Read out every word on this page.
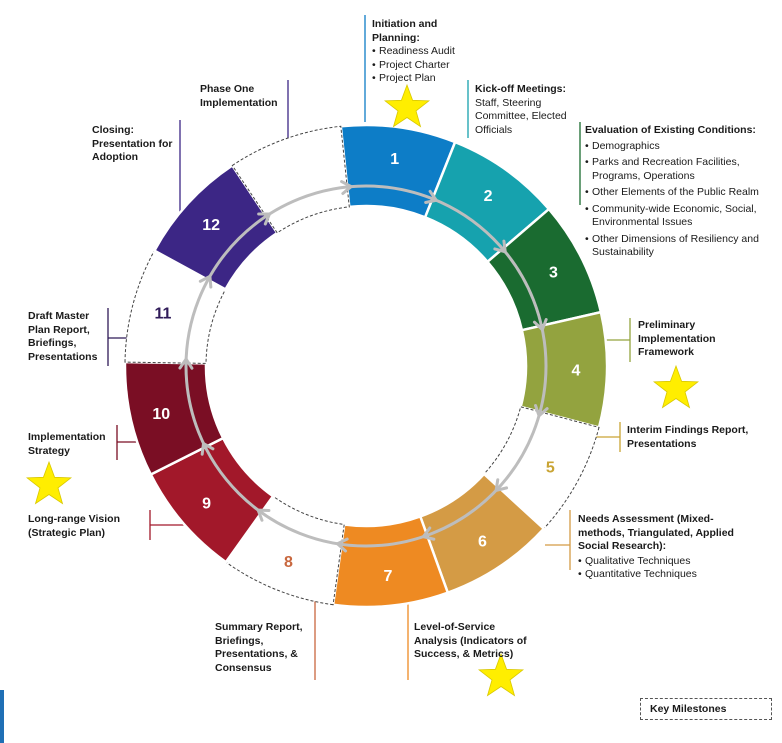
1
2
3
4
5
6
7
8
9
10
11
12
Initiation and Planning:
• Readiness Audit
• Project Charter
• Project Plan
Kick-off Meetings:
Staff, Steering Committee, Elected Officials	Evaluation of Existing Conditions:
• Demographics
• Parks and Recreation Facilities, Programs, Operations
• Other Elements of the Public Realm
• Community-wide Economic, Social, Environmental Issues
• Other Dimensions of Resiliency and Sustainability
Preliminary Implementation Framework
Interim Findings Report, Presentations
Needs Assessment (Mixed-methods, Triangulated, Applied Social Research):
• Qualitative Techniques
• Quantitative Techniques
Level-of-Service Analysis (Indicators of Success, & Metrics)
Summary Report, Briefings, Presentations, & Consensus
Long-range Vision (Strategic Plan)
Implementation Strategy
Draft Master Plan Report, Briefings, Presentations
Closing: Presentation for Adoption
Phase One Implementation
Key Milestones
